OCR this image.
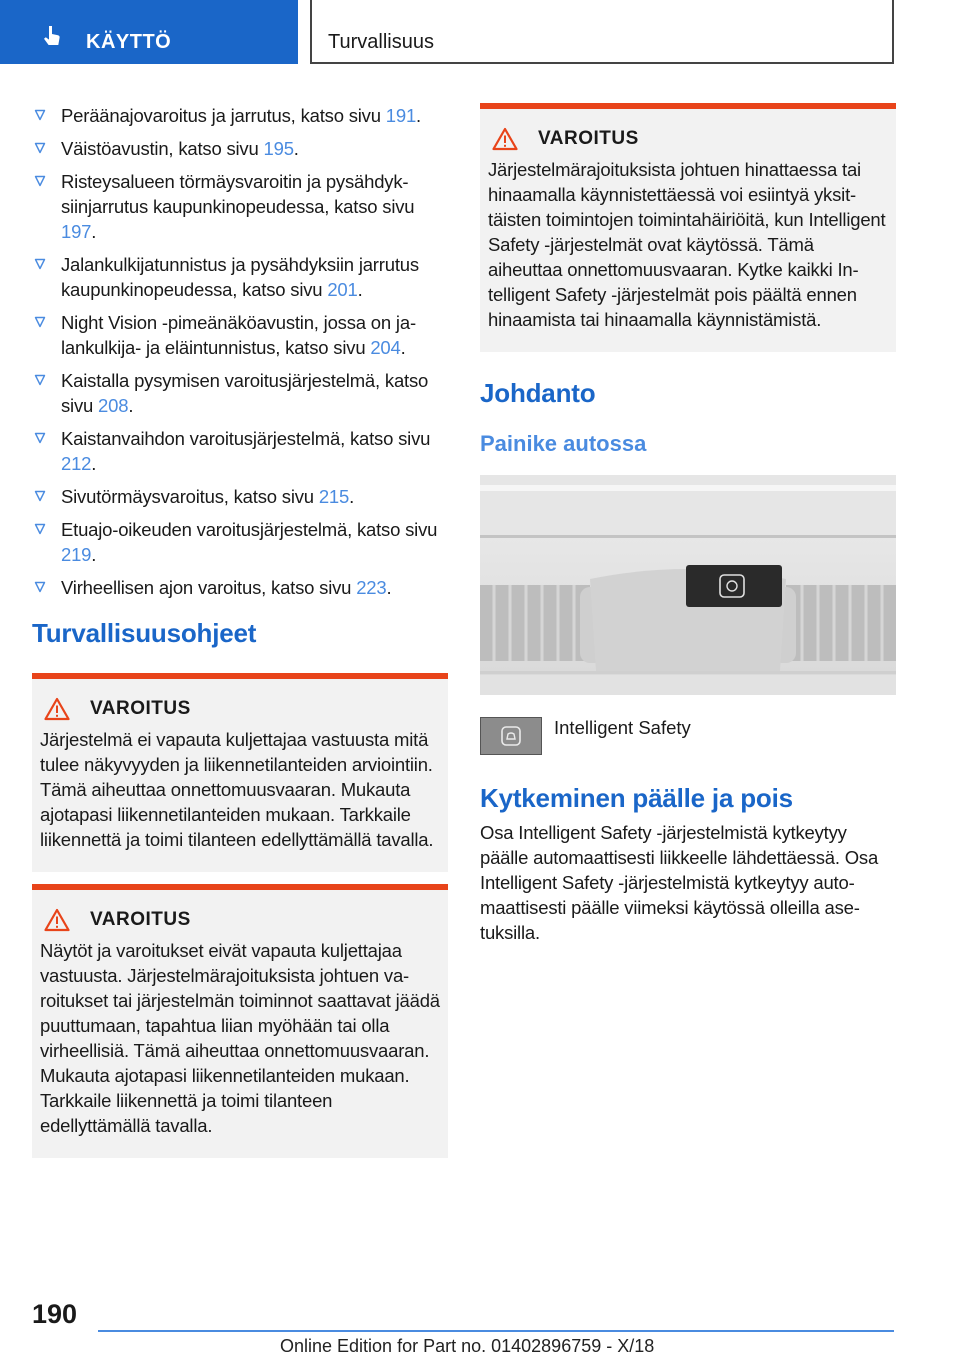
KÄYTTÖ	Turvallisuus
Peräänajovaroitus ja jarrutus, katso sivu 191.
Väistöavustin, katso sivu 195.
Risteysalueen törmäysvaroitin ja pysähdyksiinjarrutus kaupunkinopeudessa, katso sivu 197.
Jalankulkijatunnistus ja pysähdyksiin jarrutus kaupunkinopeudessa, katso sivu 201.
Night Vision -pimeänäköavustin, jossa on jalankulkija- ja eläintunnistus, katso sivu 204.
Kaistalla pysymisen varoitusjärjestelmä, katso sivu 208.
Kaistanvaihdon varoitusjärjestelmä, katso sivu 212.
Sivutörmäysvaroitus, katso sivu 215.
Etuajo-oikeuden varoitusjärjestelmä, katso sivu 219.
Virheellisen ajon varoitus, katso sivu 223.
Turvallisuusohjeet
VAROITUS
Järjestelmä ei vapauta kuljettajaa vastuusta mitä tulee näkyvyyden ja liikennetilanteiden arviointiin. Tämä aiheuttaa onnettomuusvaaran. Mukauta ajotapasi liikennetilanteiden mukaan. Tarkkaile liikennettä ja toimi tilanteen edellyttämällä tavalla.
VAROITUS
Näytöt ja varoitukset eivät vapauta kuljettajaa vastuusta. Järjestelmärajoituksista johtuen varoitukset tai järjestelmän toiminnot saattavat jäädä puuttumaan, tapahtua liian myöhään tai olla virheellisiä. Tämä aiheuttaa onnettomuusvaaran. Mukauta ajotapasi liikennetilanteiden mukaan. Tarkkaile liikennettä ja toimi tilanteen edellyttämällä tavalla.
VAROITUS
Järjestelmärajoituksista johtuen hinattaessa tai hinaamalla käynnistettäessä voi esiintyä yksittäisten toimintojen toimintahäiriöitä, kun Intelligent Safety -järjestelmät ovat käytössä. Tämä aiheuttaa onnettomuusvaaran. Kytke kaikki Intelligent Safety -järjestelmät pois päältä ennen hinaamista tai hinaamalla käynnistämistä.
Johdanto
Painike autossa
Intelligent Safety
Kytkeminen päälle ja pois

Osa Intelligent Safety -järjestelmistä kytkeytyy päälle automaattisesti liikkeelle lähdettäessä. Osa Intelligent Safety -järjestelmistä kytkeytyy automaattisesti päälle viimeksi käytössä olleilla asetuksilla.

190
Online Edition for Part no. 01402896759 - X/18
